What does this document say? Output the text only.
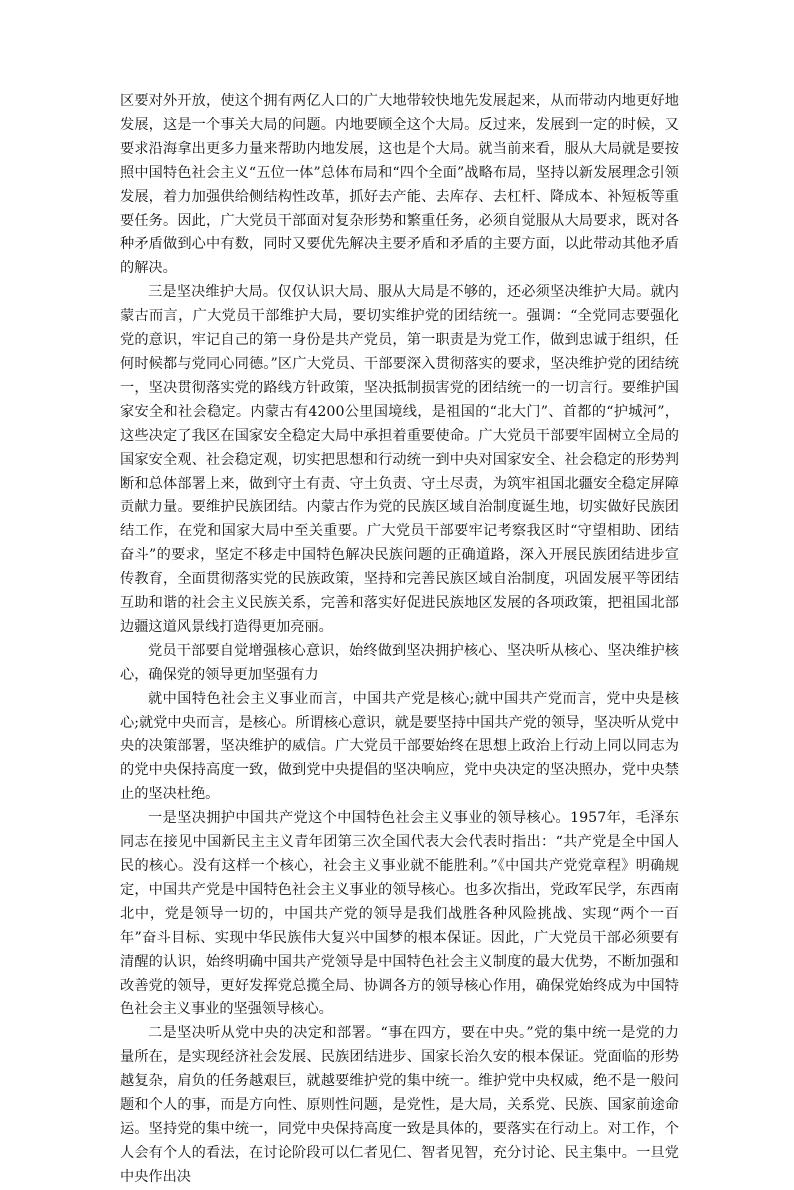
区要对外开放，使这个拥有两亿人口的广大地带较快地先发展起来，从而带动内地更好地发展，这是一个事关大局的问题。内地要顾全这个大局。反过来，发展到一定的时候，又要求沿海拿出更多力量来帮助内地发展，这也是个大局。就当前来看，服从大局就是要按照中国特色社会主义“五位一体”总体布局和“四个全面”战略布局，坚持以新发展理念引领发展，着力加强供给侧结构性改革，抓好去产能、去库存、去杠杆、降成本、补短板等重要任务。因此，广大党员干部面对复杂形势和繁重任务，必须自觉服从大局要求，既对各种矛盾做到心中有数，同时又要优先解决主要矛盾和矛盾的主要方面，以此带动其他矛盾的解决。

三是坚决维护大局。仅仅认识大局、服从大局是不够的，还必须坚决维护大局。就内蒙古而言，广大党员干部维护大局，要切实维护党的团结统一。强调：“全党同志要强化党的意识，牢记自己的第一身份是共产党员，第一职责是为党工作，做到忠诚于组织，任何时候都与党同心同德。”区广大党员、干部要深入贯彻落实的要求，坚决维护党的团结统一，坚决贯彻落实党的路线方针政策，坚决抵制损害党的团结统一的一切言行。要维护国家安全和社会稳定。内蒙古有4200公里国境线，是祖国的“北大门”、首都的“护城河”，这些决定了我区在国家安全稳定大局中承担着重要使命。广大党员干部要牢固树立全局的国家安全观、社会稳定观，切实把思想和行动统一到中央对国家安全、社会稳定的形势判断和总体部署上来，做到守土有责、守土负责、守土尽责，为筑牢祖国北疆安全稳定屏障贡献力量。要维护民族团结。内蒙古作为党的民族区域自治制度诞生地，切实做好民族团结工作，在党和国家大局中至关重要。广大党员干部要牢记考察我区时“守望相助、团结奋斗”的要求，坚定不移走中国特色解决民族问题的正确道路，深入开展民族团结进步宣传教育，全面贯彻落实党的民族政策，坚持和完善民族区域自治制度，巩固发展平等团结互助和谐的社会主义民族关系，完善和落实好促进民族地区发展的各项政策，把祖国北部边疆这道风景线打造得更加亮丽。

党员干部要自觉增强核心意识，始终做到坚决拥护核心、坚决听从核心、坚决维护核心，确保党的领导更加坚强有力

就中国特色社会主义事业而言，中国共产党是核心;就中国共产党而言，党中央是核心;就党中央而言，是核心。所谓核心意识，就是要坚持中国共产党的领导，坚决听从党中央的决策部署，坚决维护的威信。广大党员干部要始终在思想上政治上行动上同以同志为的党中央保持高度一致，做到党中央提倡的坚决响应，党中央决定的坚决照办，党中央禁止的坚决杜绝。

一是坚决拥护中国共产党这个中国特色社会主义事业的领导核心。1957年，毛泽东同志在接见中国新民主主义青年团第三次全国代表大会代表时指出：“共产党是全中国人民的核心。没有这样一个核心，社会主义事业就不能胜利。”《中国共产党党章程》明确规定，中国共产党是中国特色社会主义事业的领导核心。也多次指出，党政军民学，东西南北中，党是领导一切的，中国共产党的领导是我们战胜各种风险挑战、实现“两个一百年”奋斗目标、实现中华民族伟大复兴中国梦的根本保证。因此，广大党员干部必须要有清醒的认识，始终明确中国共产党领导是中国特色社会主义制度的最大优势，不断加强和改善党的领导，更好发挥党总揽全局、协调各方的领导核心作用，确保党始终成为中国特色社会主义事业的坚强领导核心。

二是坚决听从党中央的决定和部署。“事在四方，要在中央。”党的集中统一是党的力量所在，是实现经济社会发展、民族团结进步、国家长治久安的根本保证。党面临的形势越复杂，肩负的任务越艰巨，就越要维护党的集中统一。维护党中央权威，绝不是一般问题和个人的事，而是方向性、原则性问题，是党性，是大局，关系党、民族、国家前途命运。坚持党的集中统一，同党中央保持高度一致是具体的，要落实在行动上。对工作，个人会有个人的看法，在讨论阶段可以仁者见仁、智者见智，充分讨论、民主集中。一旦党中央作出决
